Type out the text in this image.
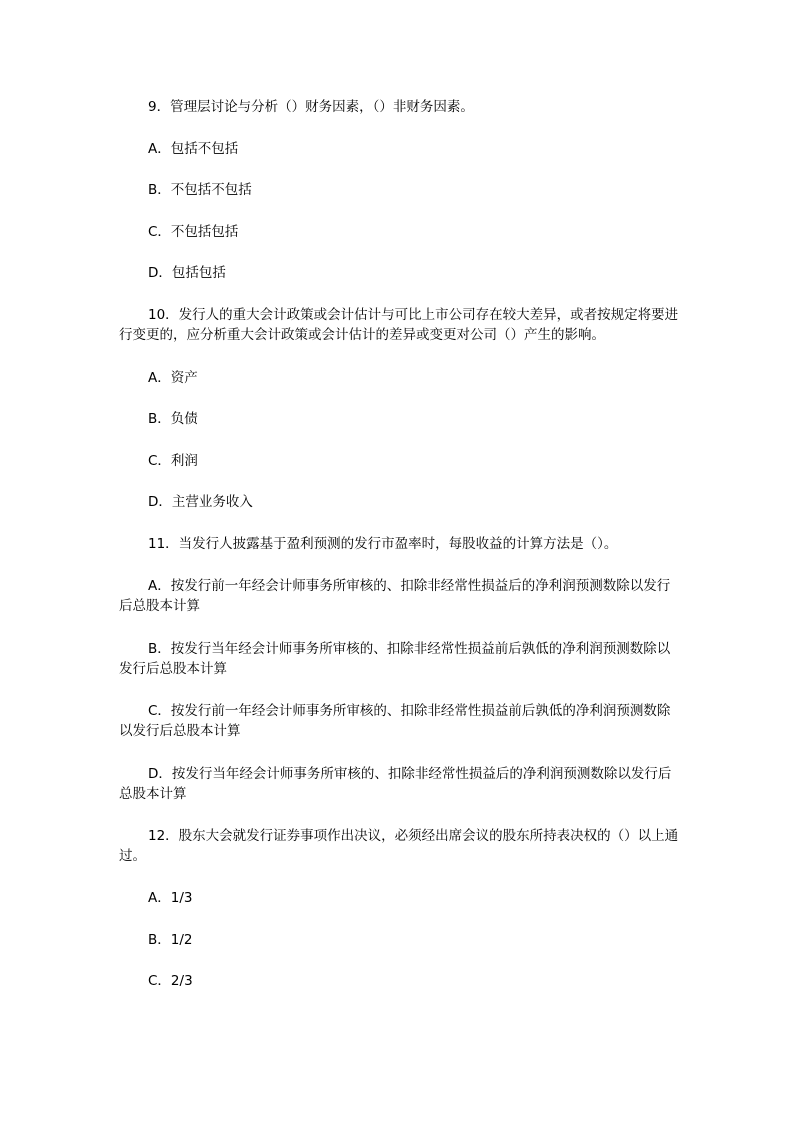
9．管理层讨论与分析（）财务因素，（）非财务因素。
A．包括不包括
B．不包括不包括
C．不包括包括
D．包括包括
10．发行人的重大会计政策或会计估计与可比上市公司存在较大差异，或者按规定将要进行变更的，应分析重大会计政策或会计估计的差异或变更对公司（）产生的影响。
A．资产
B．负债
C．利润
D．主营业务收入
11．当发行人披露基于盈利预测的发行市盈率时，每股收益的计算方法是（）。
A．按发行前一年经会计师事务所审核的、扣除非经常性损益后的净利润预测数除以发行后总股本计算
B．按发行当年经会计师事务所审核的、扣除非经常性损益前后孰低的净利润预测数除以发行后总股本计算
C．按发行前一年经会计师事务所审核的、扣除非经常性损益前后孰低的净利润预测数除以发行后总股本计算
D．按发行当年经会计师事务所审核的、扣除非经常性损益后的净利润预测数除以发行后总股本计算
12．股东大会就发行证券事项作出决议，必须经出席会议的股东所持表决权的（）以上通过。
A．1/3
B．1/2
C．2/3
